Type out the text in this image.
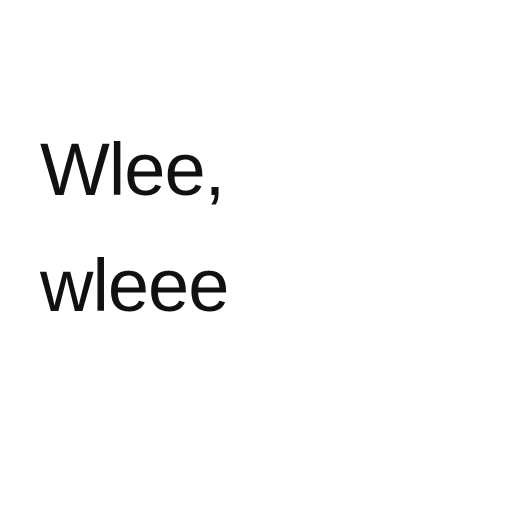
Wlee,
wleee
